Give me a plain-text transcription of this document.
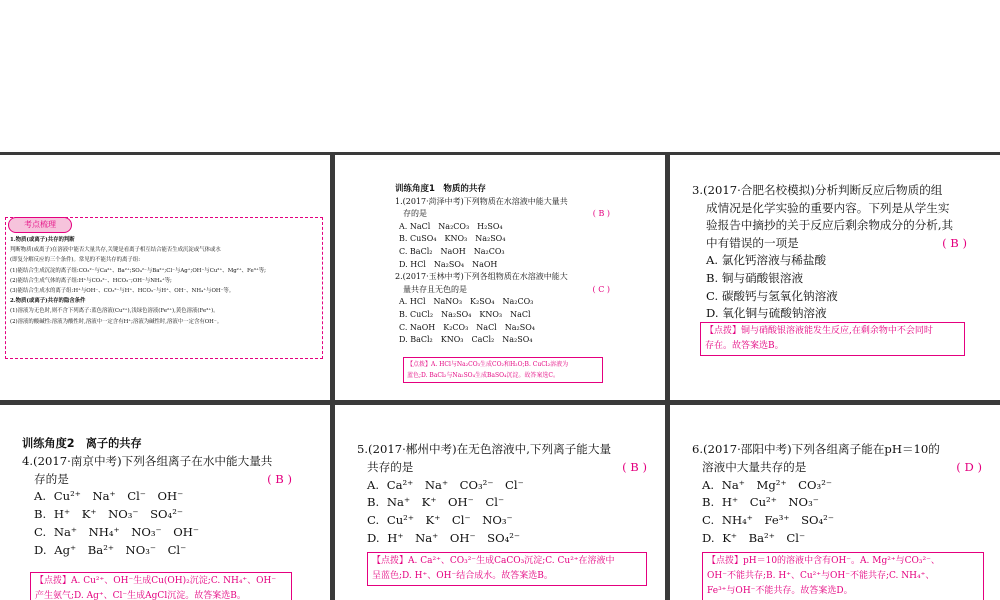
考点梳理
1.物质(或离子)共存的判断
判断物质(或离子)在溶液中能否大量共存,关键是看离子相互结合能否生成沉淀或气体或水
(即复分解反应的三个条件)。常见的不能共存的离子组:
(1)能结合生成沉淀的离子组:CO₃²⁻与Ca²⁺、Ba²⁺;SO₄²⁻与Ba²⁺;Cl⁻与Ag⁺;OH⁻与Cu²⁺、Mg²⁺、Fe³⁺等;
(2)能结合生成气体的离子组:H⁺与CO₃²⁻、HCO₃⁻;OH⁻与NH₄⁺等;
(3)能结合生成水的离子组:H⁺与OH⁻、CO₃²⁻与H⁺、HCO₃⁻与H⁺、OH⁻、NH₄⁺与OH⁻等。
2.物质(或离子)共存的隐含条件
(1)溶液为无色时,则不含下列离子:蓝色溶液(Cu²⁺),浅绿色溶液(Fe²⁺),黄色溶液(Fe³⁺)。
(2)溶液的酸碱性:溶液为酸性时,溶液中一定含有H⁺;溶液为碱性时,溶液中一定含有OH⁻。
训练角度1　物质的共存
1.(2017·菏泽中考)下列物质在水溶液中能大量共
存的是	( B )
A. NaCl　Na₂CO₃　H₂SO₄
B. CuSO₄　KNO₃　Na₂SO₄
C. BaCl₂　NaOH　Na₂CO₃
D. HCl　Na₂SO₄　NaOH
2.(2017·玉林中考)下列各组物质在水溶液中能大
量共存且无色的是	( C )
A. HCl　NaNO₃　K₂SO₄　Na₂CO₃
B. CuCl₂　Na₂SO₄　KNO₃　NaCl
C. NaOH　K₂CO₃　NaCl　Na₂SO₄
D. BaCl₂　KNO₃　CaCl₂　Na₂SO₄
【点拨】A. HCl与Na₂CO₃生成CO₂和H₂O;B. CuCl₂溶液为
蓝色;D. BaCl₂与Na₂SO₄生成BaSO₄沉淀。故答案选C。
3.(2017·合肥名校模拟)分析判断反应后物质的组
成情况是化学实验的重要内容。下列是从学生实
验报告中摘抄的关于反应后剩余物成分的分析,其
中有错误的一项是	( B )
A. 氯化钙溶液与稀盐酸
B. 铜与硝酸银溶液
C. 碳酸钙与氢氧化钠溶液
D. 氧化铜与硫酸钠溶液
【点拨】铜与硝酸银溶液能发生反应,在剩余物中不会同时
存在。故答案选B。
训练角度2　离子的共存
4.(2017·南京中考)下列各组离子在水中能大量共
存的是	( B )
A. Cu²⁺　Na⁺　Cl⁻　OH⁻
B. H⁺　K⁺　NO₃⁻　SO₄²⁻
C. Na⁺　NH₄⁺　NO₃⁻　OH⁻
D. Ag⁺　Ba²⁺　NO₃⁻　Cl⁻
【点拨】A. Cu²⁺、OH⁻生成Cu(OH)₂沉淀;C. NH₄⁺、OH⁻
产生氨气;D. Ag⁺、Cl⁻生成AgCl沉淀。故答案选B。
5.(2017·郴州中考)在无色溶液中,下列离子能大量
共存的是	( B )
A. Ca²⁺　Na⁺　CO₃²⁻　Cl⁻
B. Na⁺　K⁺　OH⁻　Cl⁻
C. Cu²⁺　K⁺　Cl⁻　NO₃⁻
D. H⁺　Na⁺　OH⁻　SO₄²⁻
【点拨】A. Ca²⁺、CO₃²⁻生成CaCO₃沉淀;C. Cu²⁺在溶液中
呈蓝色;D. H⁺、OH⁻结合成水。故答案选B。
6.(2017·邵阳中考)下列各组离子能在pH＝10的
溶液中大量共存的是	( D )
A. Na⁺　Mg²⁺　CO₃²⁻
B. H⁺　Cu²⁺　NO₃⁻
C. NH₄⁺　Fe³⁺　SO₄²⁻
D. K⁺　Ba²⁺　Cl⁻
【点拨】pH＝10的溶液中含有OH⁻。A. Mg²⁺与CO₃²⁻、
OH⁻不能共存;B. H⁺、Cu²⁺与OH⁻不能共存;C. NH₄⁺、
Fe³⁺与OH⁻不能共存。故答案选D。
